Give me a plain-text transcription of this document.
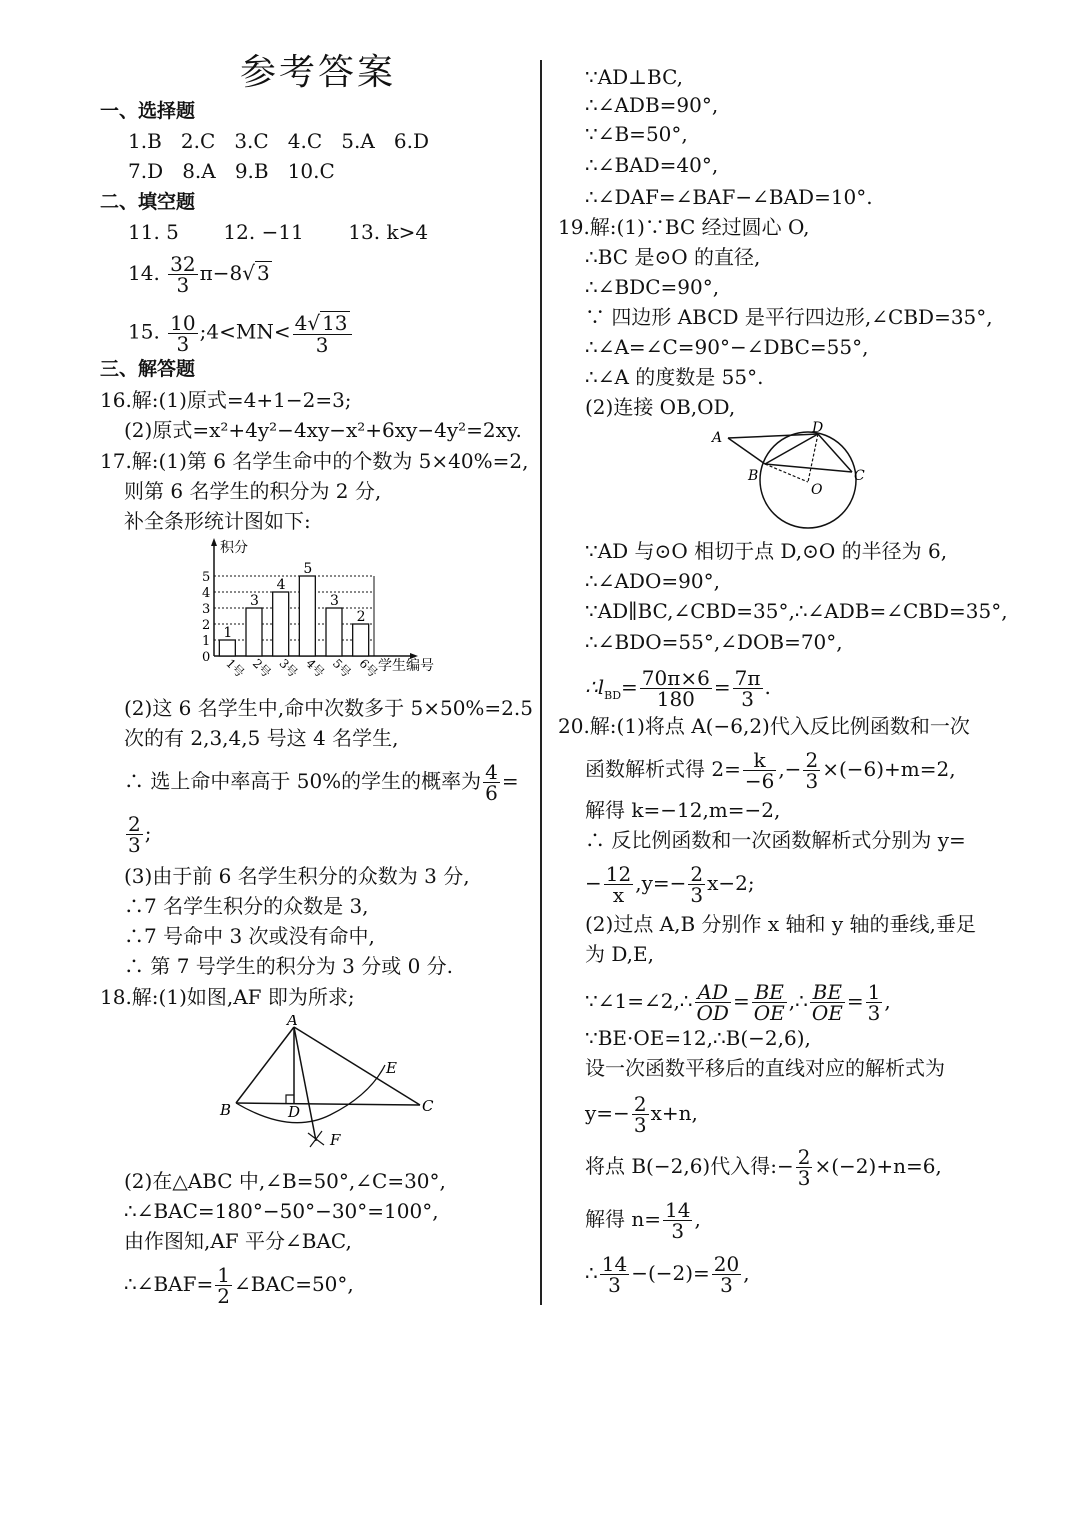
参考答案
一、选择题
1.B 2.C 3.C 4.C 5.A 6.D
7.D 8.A 9.B 10.C
二、填空题
11. 5 12. −11 13. k>4
14. $\frac{32}{3} \pi-8√$ 3
15. $\frac{10}{3}$ ;4<MN< $\frac{4√ 13}{3}$
三、解答题
16.解:(1)原式=4+1−2=3;
(2)原式=x²+4y²−4xy−x²+6xy−4y²=2xy.
17.解:(1)第 6 名学生命中的个数为 5×40%=2,
则第 6 名学生的积分为 2 分,
补全条形统计图如下:
积分
学生编号
0
1
2
3
4
5
1
1号
3
2号
4
3号
5
4号
3
5号
2
6号
(2)这 6 名学生中,命中次数多于 5×50%=2.5
次的有 2,3,4,5 号这 4 名学生,
∴ 选上命中率高于 50%的学生的概率为 $\frac{4}{6}$ =
$\frac{2}{3}$ ;
(3)由于前 6 名学生积分的众数为 3 分,
∴7 名学生积分的众数是 3,
∴7 号命中 3 次或没有命中,
∴ 第 7 号学生的积分为 3 分或 0 分.
18.解:(1)如图,AF 即为所求;
A
B	C
D
E
F
(2)在△ABC 中,∠B=50°,∠C=30°,
∴∠BAC=180°−50°−30°=100°,
由作图知,AF 平分∠BAC,
∴∠BAF= $\frac{1}{2}$ ∠BAC=50°,
∵AD⊥BC,
∴∠ADB=90°,
∵∠B=50°,
∴∠BAD=40°,
∴∠DAF=∠BAF−∠BAD=10°.
19.解:(1)∵BC 经过圆心 O,
∴BC 是⊙O 的直径,
∴∠BDC=90°,
∵ 四边形 ABCD 是平行四边形,∠CBD=35°,
∴∠A=∠C=90°−∠DBC=55°,
∴∠A 的度数是 55°.
(2)连接 OB,OD,
A
D
B	C
O
∵AD 与⊙O 相切于点 D,⊙O 的半径为 6,
∴∠ADO=90°,
∵AD∥BC,∠CBD=35°,∴∠ADB=∠CBD=35°,
∴∠BDO=55°,∠DOB=70°,
$\therefore l_{BD}= \frac{70\pi\times 6}{180} = \frac{7\pi}{3}$ .
20.解:(1)将点 A(−6,2)代入反比例函数和一次
函数解析式得 $2= \frac{k}{-6}$ ,− $\frac{2}{3} \times(-6)+m=2$,
解得 k=−12,m=−2,
∴ 反比例函数和一次函数解析式分别为 y=
− $\frac{12}{x} ,y=- \frac{2}{3} x-2$;
(2)过点 A,B 分别作 x 轴和 y 轴的垂线,垂足
为 D,E,
∵∠1=∠2,∴ $\frac{AD}{OD} = \frac{BE}{OE}$ ,∴ $\frac{BE}{OE} = \frac{1}{3}$ ,
∵BE·OE=12,∴B(−2,6),
设一次函数平移后的直线对应的解析式为
$y=- \frac{2}{3} x+n$,
将点 B(−2,6)代入得:− $\frac{2}{3} \times(-2)+n=6$,
解得 $n= \frac{14}{3}$ ,
∴ $\frac{14}{3} -(-2)= \frac{20}{3}$ ,
